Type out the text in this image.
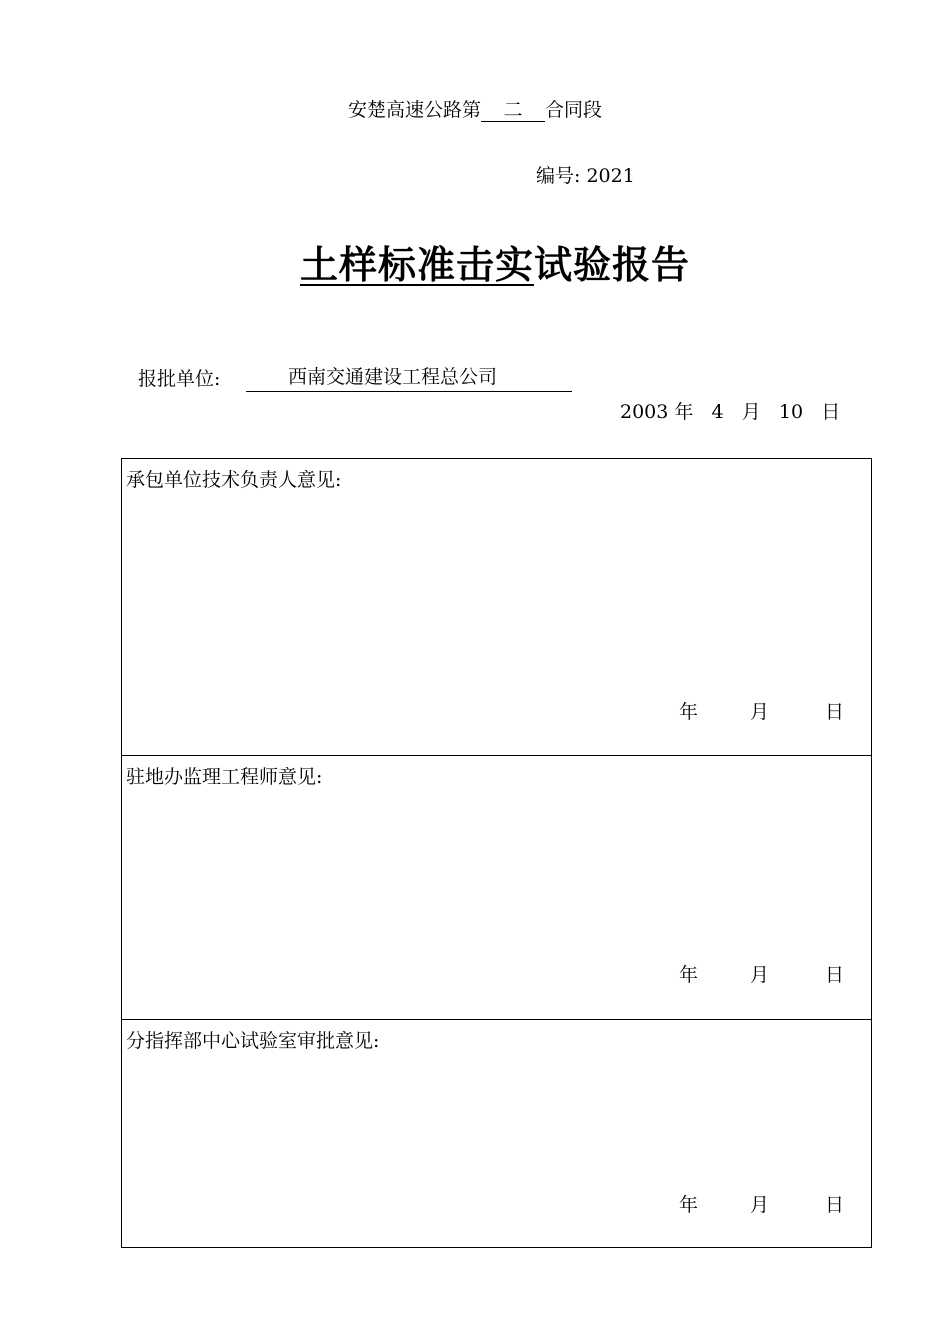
安楚高速公路第 二 合同段
编号: 2021
土样标准击实试验报告
报批单位:	西南交通建设工程总公司
2003 年 4 月 10 日
承包单位技术负责人意见:
年	月	日
驻地办监理工程师意见:
年	月	日
分指挥部中心试验室审批意见:
年	月	日
